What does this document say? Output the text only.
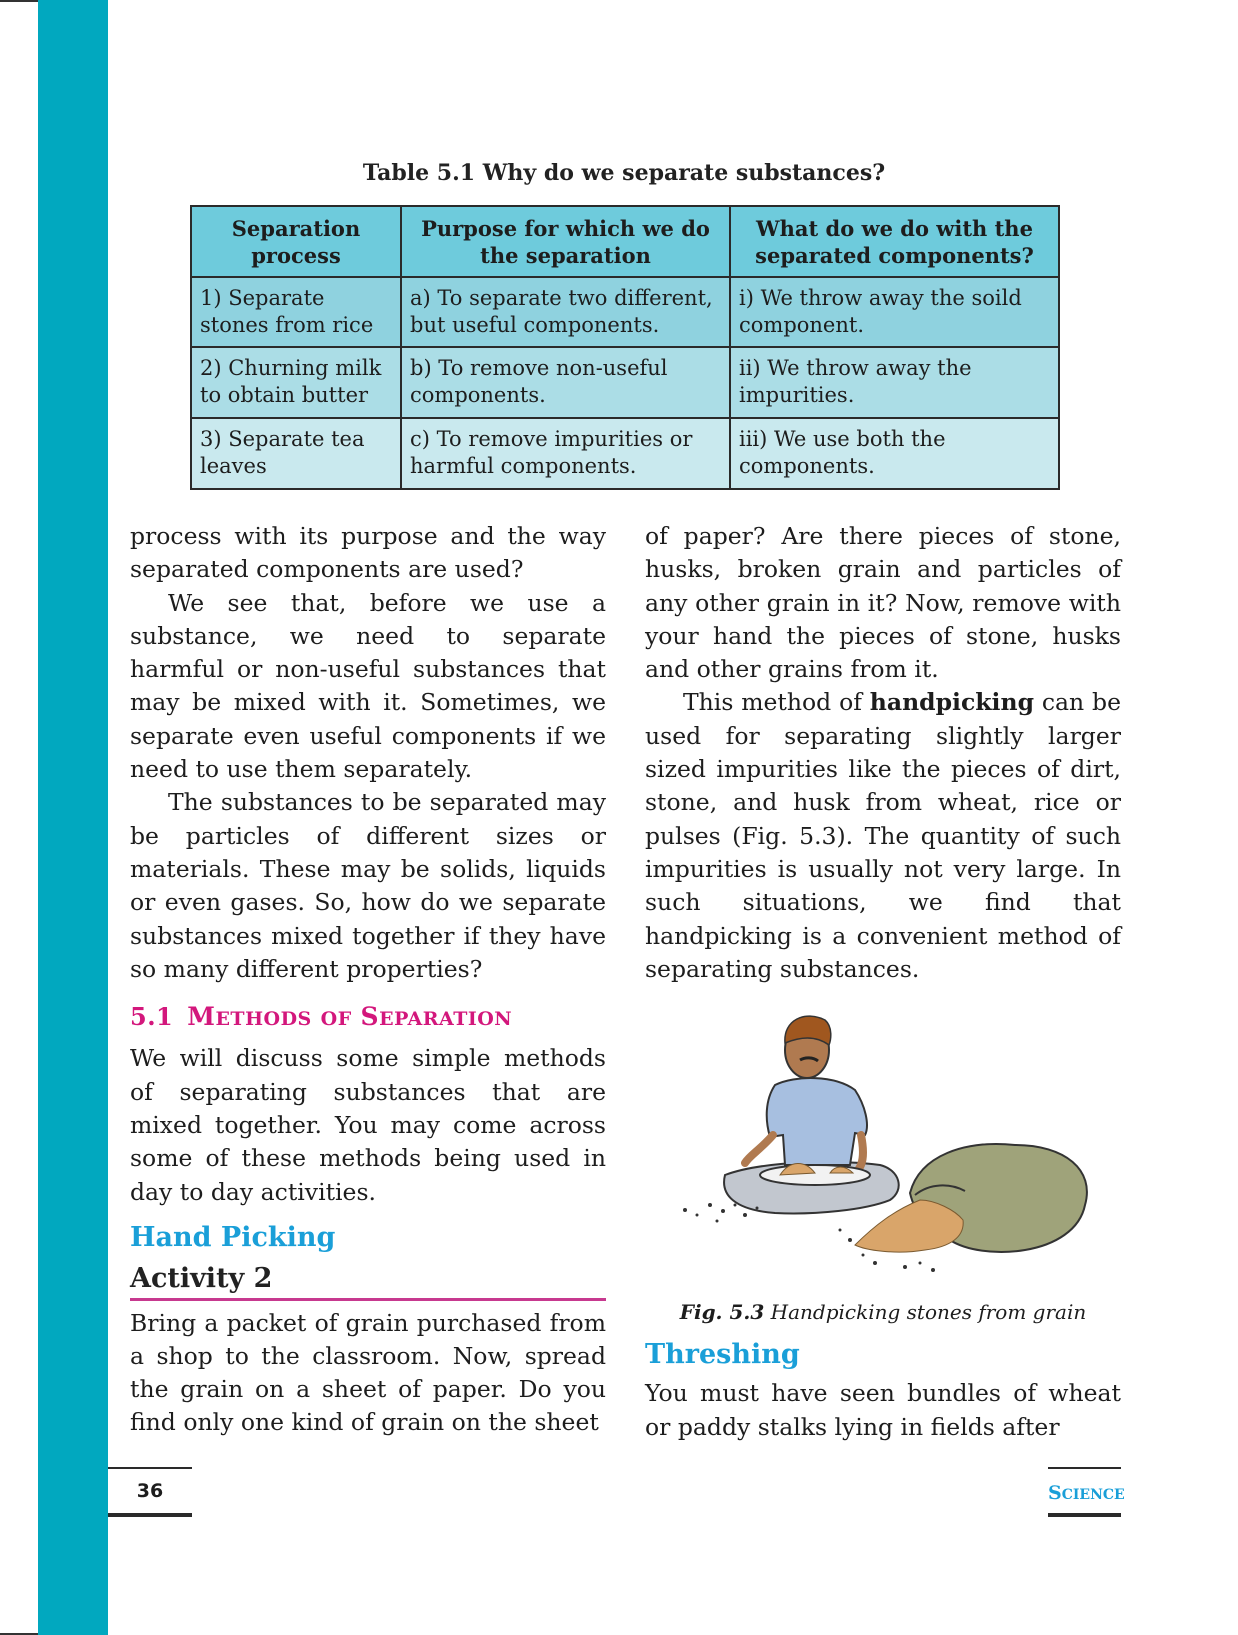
Table 5.1 Why do we separate substances?
Separation process	Purpose for which we do the separation	What do we do with the separated components?
1) Separate stones from rice	a) To separate two different, but useful components.	i) We throw away the soild component.
2) Churning milk to obtain butter	b) To remove non-useful components.	ii) We throw away the impurities.
3) Separate tea leaves	c) To remove impurities or harmful components.	iii) We use both the components.

process with its purpose and the way separated components are used?

We see that, before we use a substance, we need to separate harmful or non-useful substances that may be mixed with it. Sometimes, we separate even useful components if we need to use them separately.

The substances to be separated may be particles of different sizes or materials. These may be solids, liquids or even gases. So, how do we separate substances mixed together if they have so many different properties?

5.1 METHODS OF SEPARATION

We will discuss some simple methods of separating substances that are mixed together. You may come across some of these methods being used in day to day activities.

Hand Picking
Activity 2

Bring a packet of grain purchased from a shop to the classroom. Now, spread the grain on a sheet of paper. Do you find only one kind of grain on the sheet

of paper? Are there pieces of stone, husks, broken grain and particles of any other grain in it? Now, remove with your hand the pieces of stone, husks and other grains from it.

This method of handpicking can be used for separating slightly larger sized impurities like the pieces of dirt, stone, and husk from wheat, rice or pulses (Fig. 5.3). The quantity of such impurities is usually not very large. In such situations, we find that handpicking is a convenient method of separating substances.

Fig. 5.3 Handpicking stones from grain
Threshing

You must have seen bundles of wheat or paddy stalks lying in fields after

36	SCIENCE
